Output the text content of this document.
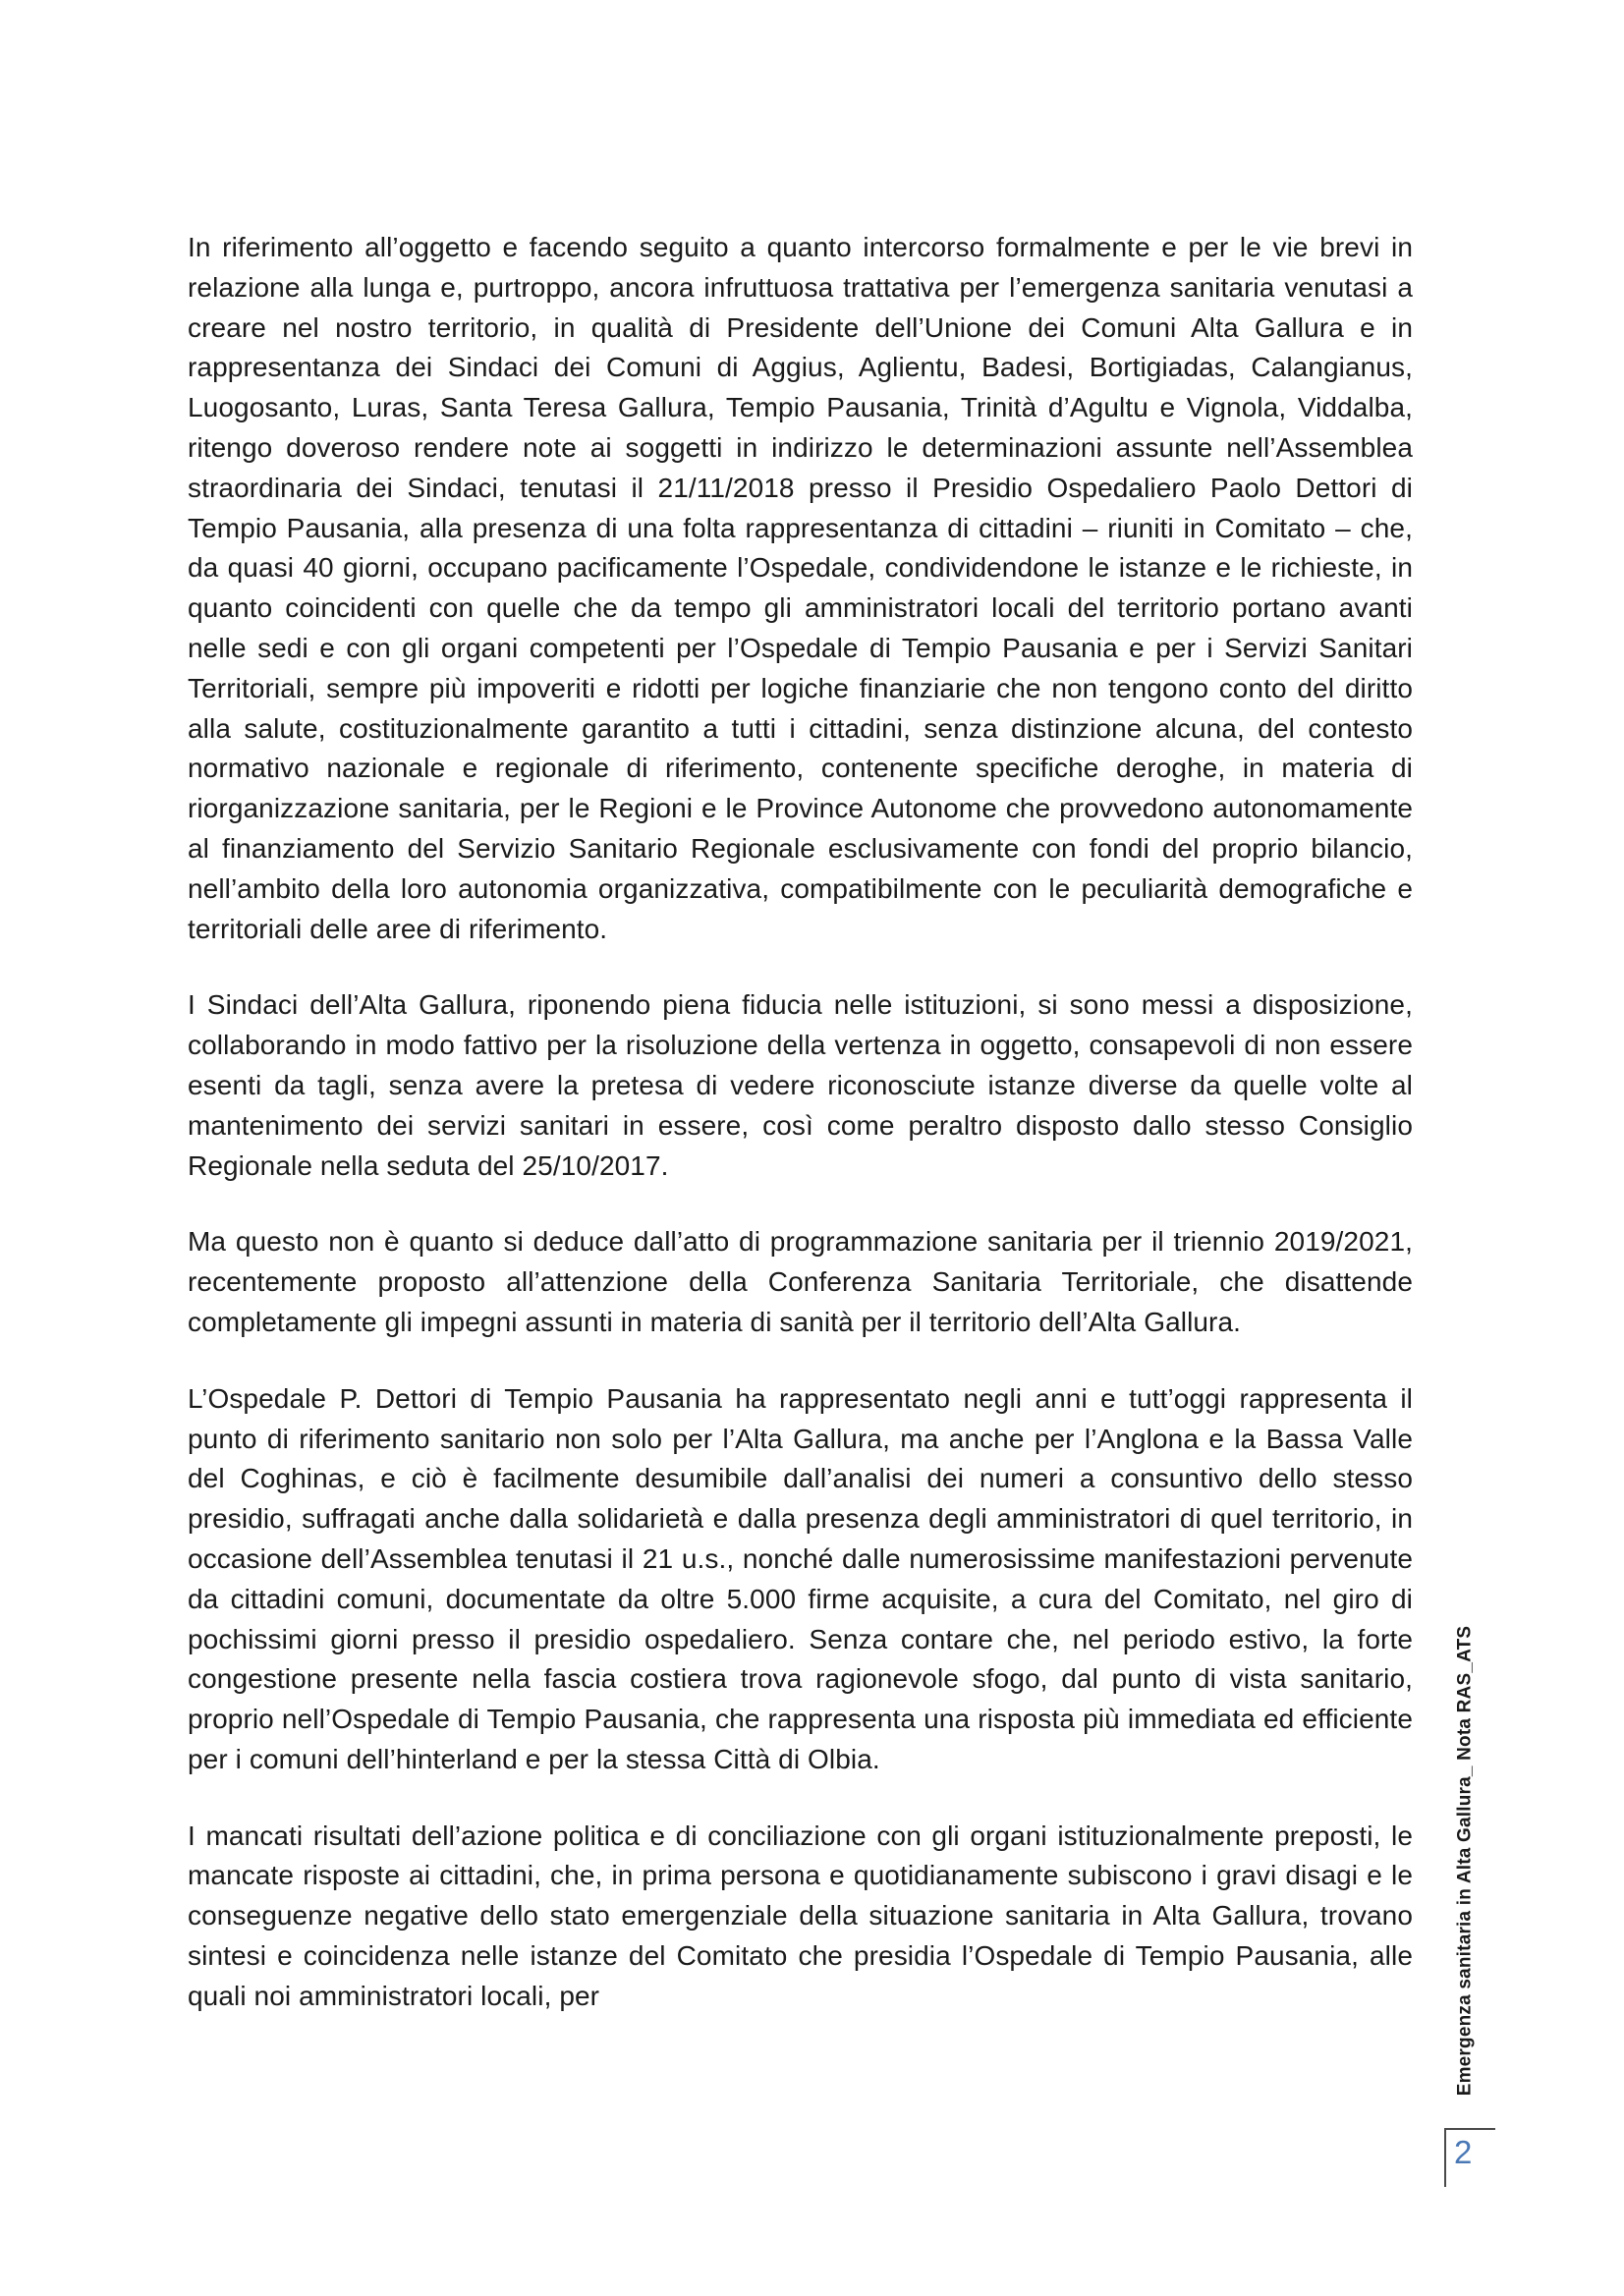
In riferimento all’oggetto e facendo seguito a quanto intercorso formalmente e per le vie brevi in relazione alla lunga e, purtroppo, ancora infruttuosa trattativa per l’emergenza sanitaria venutasi a creare nel nostro territorio, in qualità di Presidente dell’Unione dei Comuni Alta Gallura e in rappresentanza dei Sindaci dei Comuni di Aggius, Aglientu, Badesi, Bortigiadas, Calangianus, Luogosanto, Luras, Santa Teresa Gallura, Tempio Pausania, Trinità d’Agultu e Vignola, Viddalba, ritengo doveroso rendere note ai soggetti in indirizzo le determinazioni assunte nell’Assemblea straordinaria dei Sindaci, tenutasi il 21/11/2018 presso il Presidio Ospedaliero Paolo Dettori di Tempio Pausania, alla presenza di una folta rappresentanza di cittadini – riuniti in Comitato – che, da quasi 40 giorni, occupano pacificamente l’Ospedale, condividendone le istanze e le richieste, in quanto coincidenti con quelle che da tempo gli amministratori locali del territorio portano avanti nelle sedi e con gli organi competenti per l’Ospedale di Tempio Pausania e per i Servizi Sanitari Territoriali, sempre più impoveriti e ridotti per logiche finanziarie che non tengono conto del diritto alla salute, costituzionalmente garantito a tutti i cittadini, senza distinzione alcuna, del contesto normativo nazionale e regionale di riferimento, contenente specifiche deroghe, in materia di riorganizzazione sanitaria, per le Regioni e le Province Autonome che provvedono autonomamente al finanziamento del Servizio Sanitario Regionale esclusivamente con fondi del proprio bilancio, nell’ambito della loro autonomia organizzativa, compatibilmente con le peculiarità demografiche e territoriali delle aree di riferimento.

I Sindaci dell’Alta Gallura, riponendo piena fiducia nelle istituzioni, si sono messi a disposizione, collaborando in modo fattivo per la risoluzione della vertenza in oggetto, consapevoli di non essere esenti da tagli, senza avere la pretesa di vedere riconosciute istanze diverse da quelle volte al mantenimento dei servizi sanitari in essere, così come peraltro disposto dallo stesso Consiglio Regionale nella seduta del 25/10/2017.

Ma questo non è quanto si deduce dall’atto di programmazione sanitaria per il triennio 2019/2021, recentemente proposto all’attenzione della Conferenza Sanitaria Territoriale, che disattende completamente gli impegni assunti in materia di sanità per il territorio dell’Alta Gallura.

L’Ospedale P. Dettori di Tempio Pausania ha rappresentato negli anni e tutt’oggi rappresenta il punto di riferimento sanitario non solo per l’Alta Gallura, ma anche per l’Anglona e la Bassa Valle del Coghinas, e ciò è facilmente desumibile dall’analisi dei numeri a consuntivo dello stesso presidio, suffragati anche dalla solidarietà e dalla presenza degli amministratori di quel territorio, in occasione dell’Assemblea tenutasi il 21 u.s., nonché dalle numerosissime manifestazioni pervenute da cittadini comuni, documentate da oltre 5.000 firme acquisite, a cura del Comitato, nel giro di pochissimi giorni presso il presidio ospedaliero. Senza contare che, nel periodo estivo, la forte congestione presente nella fascia costiera trova ragionevole sfogo, dal punto di vista sanitario, proprio nell’Ospedale di Tempio Pausania, che rappresenta una risposta più immediata ed efficiente per i comuni dell’hinterland e per la stessa Città di Olbia.

I mancati risultati dell’azione politica e di conciliazione con gli organi istituzionalmente preposti, le mancate risposte ai cittadini, che, in prima persona e quotidianamente subiscono i gravi disagi e le conseguenze negative dello stato emergenziale della situazione sanitaria in Alta Gallura, trovano sintesi e coincidenza nelle istanze del Comitato che presidia l’Ospedale di Tempio Pausania, alle quali noi amministratori locali, per	Emergenza sanitaria in Alta Gallura_ Nota RAS_ATS
2
